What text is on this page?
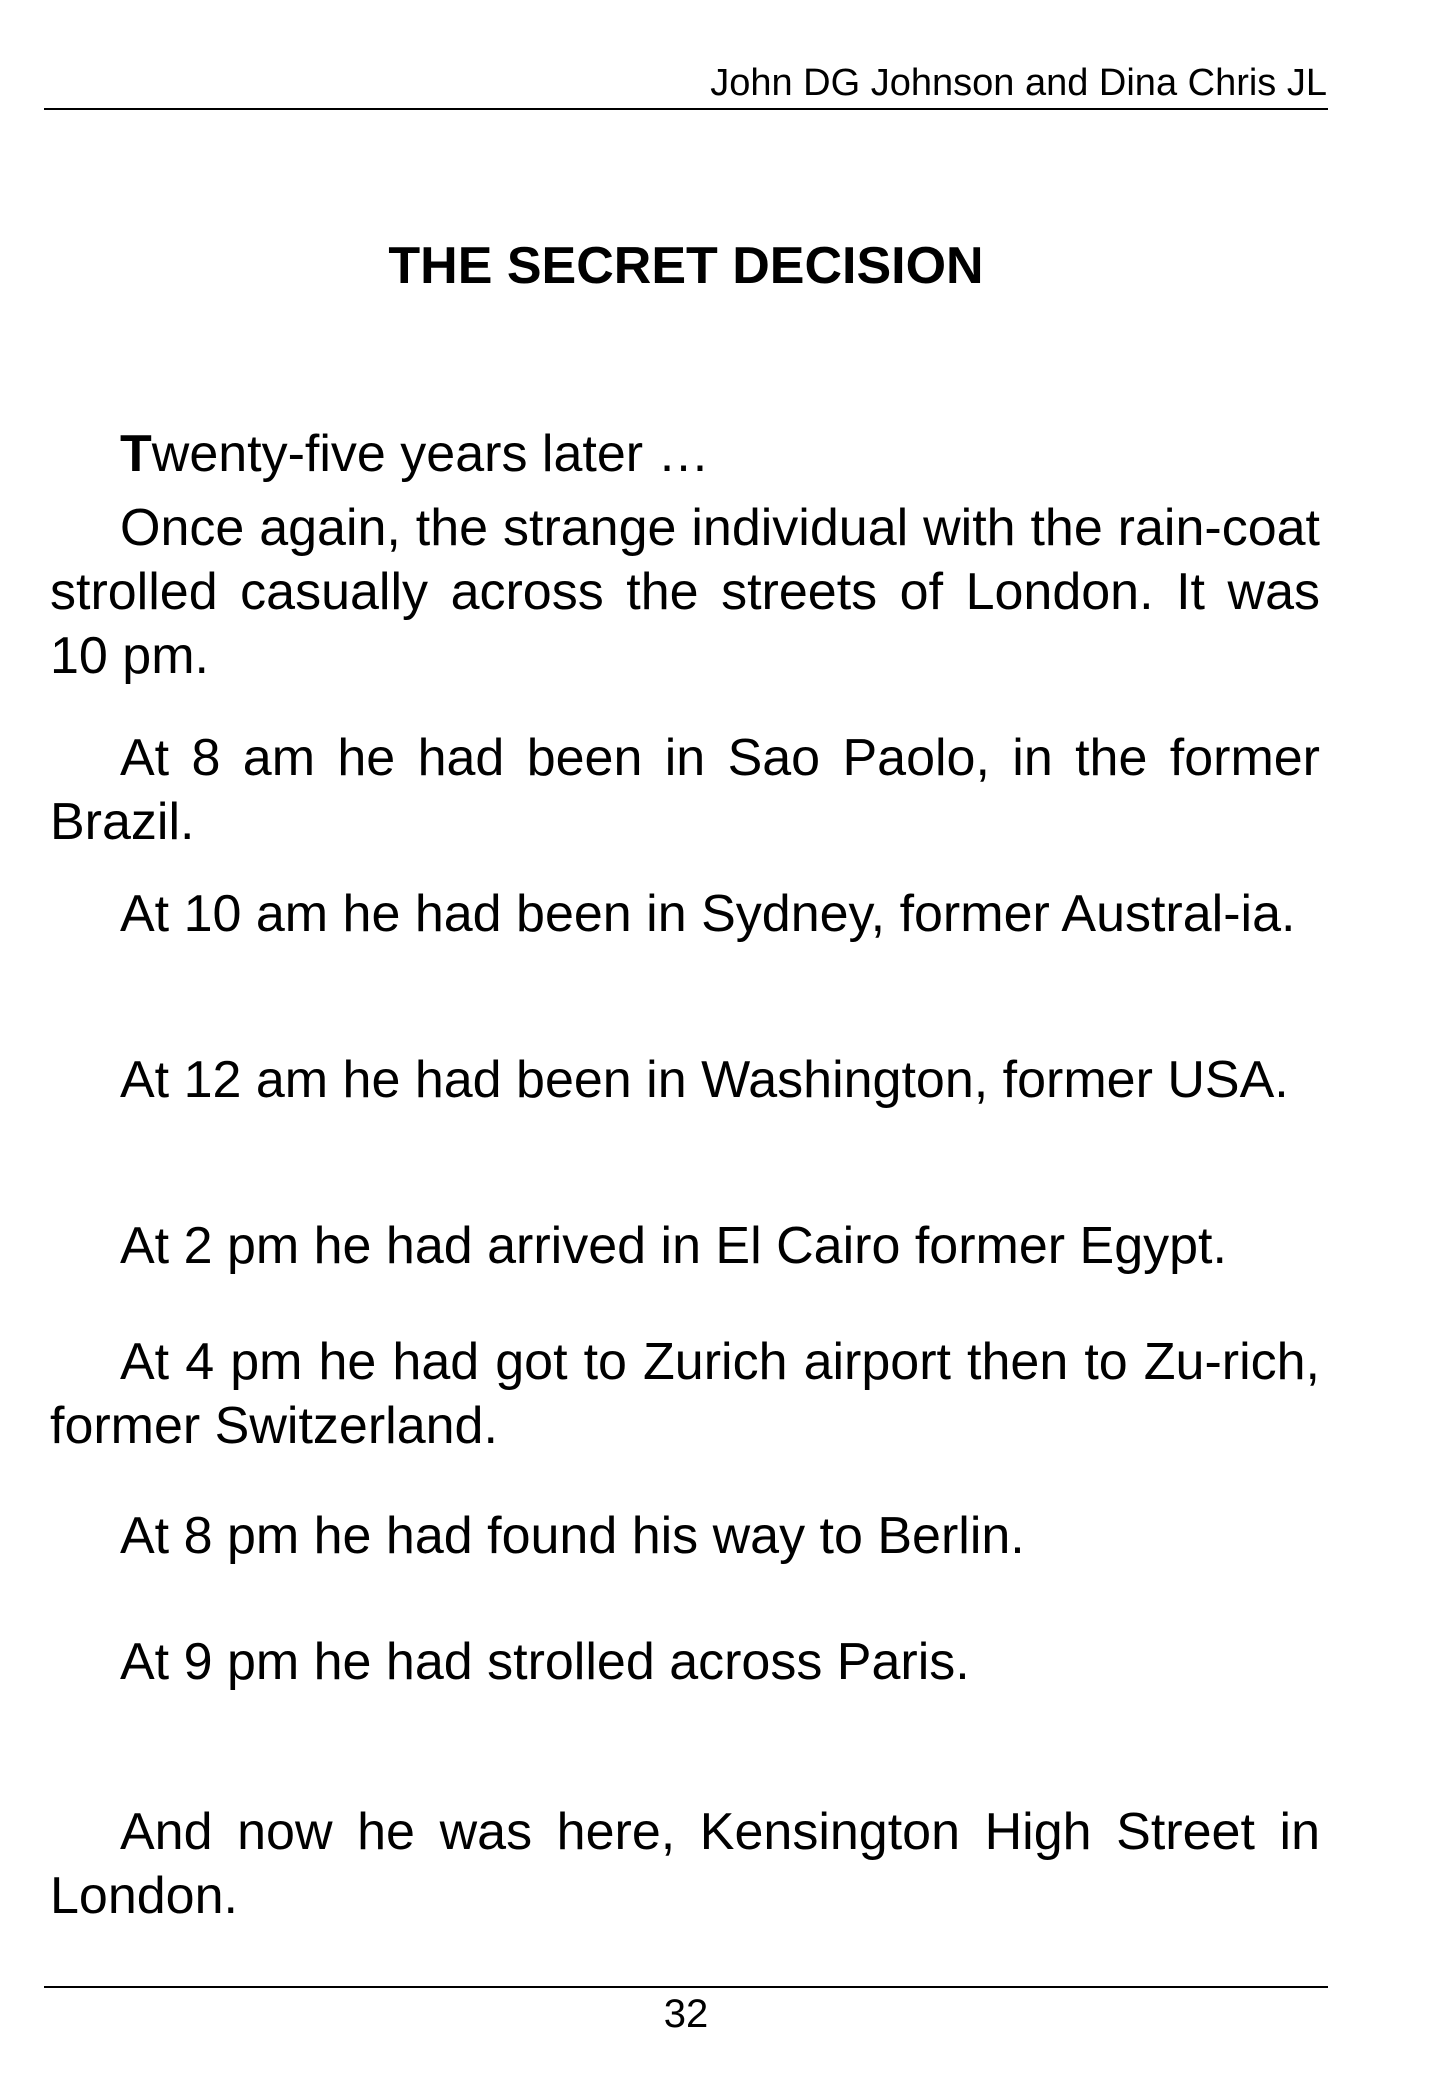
John DG Johnson and Dina Chris JL
THE SECRET DECISION

Twenty-five years later …

Once again, the strange individual with the rain-coat strolled casually across the streets of London. It was 10 pm.

At 8 am he had been in Sao Paolo, in the former Brazil.

At 10 am he had been in Sydney, former Austral-ia.

At 12 am he had been in Washington, former USA.

At 2 pm he had arrived in El Cairo former Egypt.

At 4 pm he had got to Zurich airport then to Zu-rich, former Switzerland.

At 8 pm he had found his way to Berlin.

At 9 pm he had strolled across Paris.

And now he was here, Kensington High Street in London.

32
